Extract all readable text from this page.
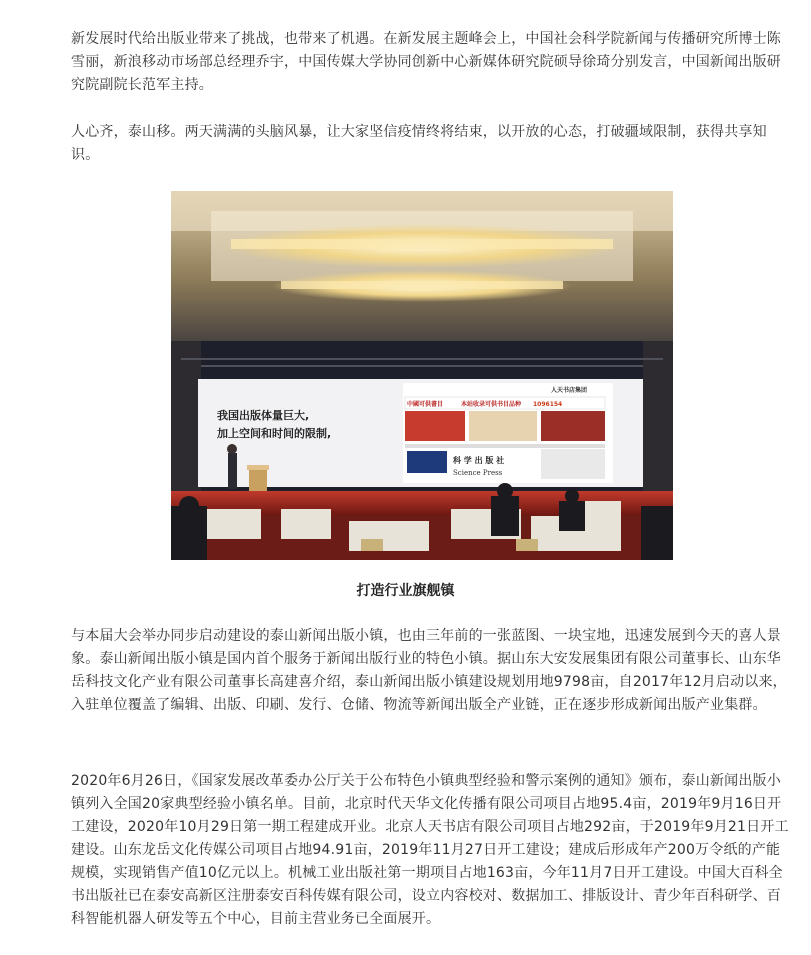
新发展时代给出版业带来了挑战，也带来了机遇。在新发展主题峰会上，中国社会科学院新闻与传播研究所博士陈雪丽，新浪移动市场部总经理乔宇，中国传媒大学协同创新中心新媒体研究院硕导徐琦分别发言，中国新闻出版研究院副院长范军主持。

人心齐，泰山移。两天满满的头脑风暴，让大家坚信疫情终将结束，以开放的心态，打破疆域限制，获得共享知识。

我国出版体量巨大,
加上空间和时间的限制,
人天书店集团
中國可供書目	本站收录可供书目品种 1096154
科 学 出 版 社
Science Press

打造行业旗舰镇

与本届大会举办同步启动建设的泰山新闻出版小镇，也由三年前的一张蓝图、一块宝地，迅速发展到今天的喜人景象。泰山新闻出版小镇是国内首个服务于新闻出版行业的特色小镇。据山东大安发展集团有限公司董事长、山东华岳科技文化产业有限公司董事长高建喜介绍，泰山新闻出版小镇建设规划用地9798亩，自2017年12月启动以来，入驻单位覆盖了编辑、出版、印刷、发行、仓储、物流等新闻出版全产业链，正在逐步形成新闻出版产业集群。

2020年6月26日，《国家发展改革委办公厅关于公布特色小镇典型经验和警示案例的通知》颁布，泰山新闻出版小镇列入全国20家典型经验小镇名单。目前，北京时代天华文化传播有限公司项目占地95.4亩，2019年9月16日开工建设，2020年10月29日第一期工程建成开业。北京人天书店有限公司项目占地292亩，于2019年9月21日开工建设。山东龙岳文化传媒公司项目占地94.91亩，2019年11月27日开工建设；建成后形成年产200万令纸的产能规模，实现销售产值10亿元以上。机械工业出版社第一期项目占地163亩，今年11月7日开工建设。中国大百科全书出版社已在泰安高新区注册泰安百科传媒有限公司，设立内容校对、数据加工、排版设计、青少年百科研学、百科智能机器人研发等五个中心，目前主营业务已全面展开。
